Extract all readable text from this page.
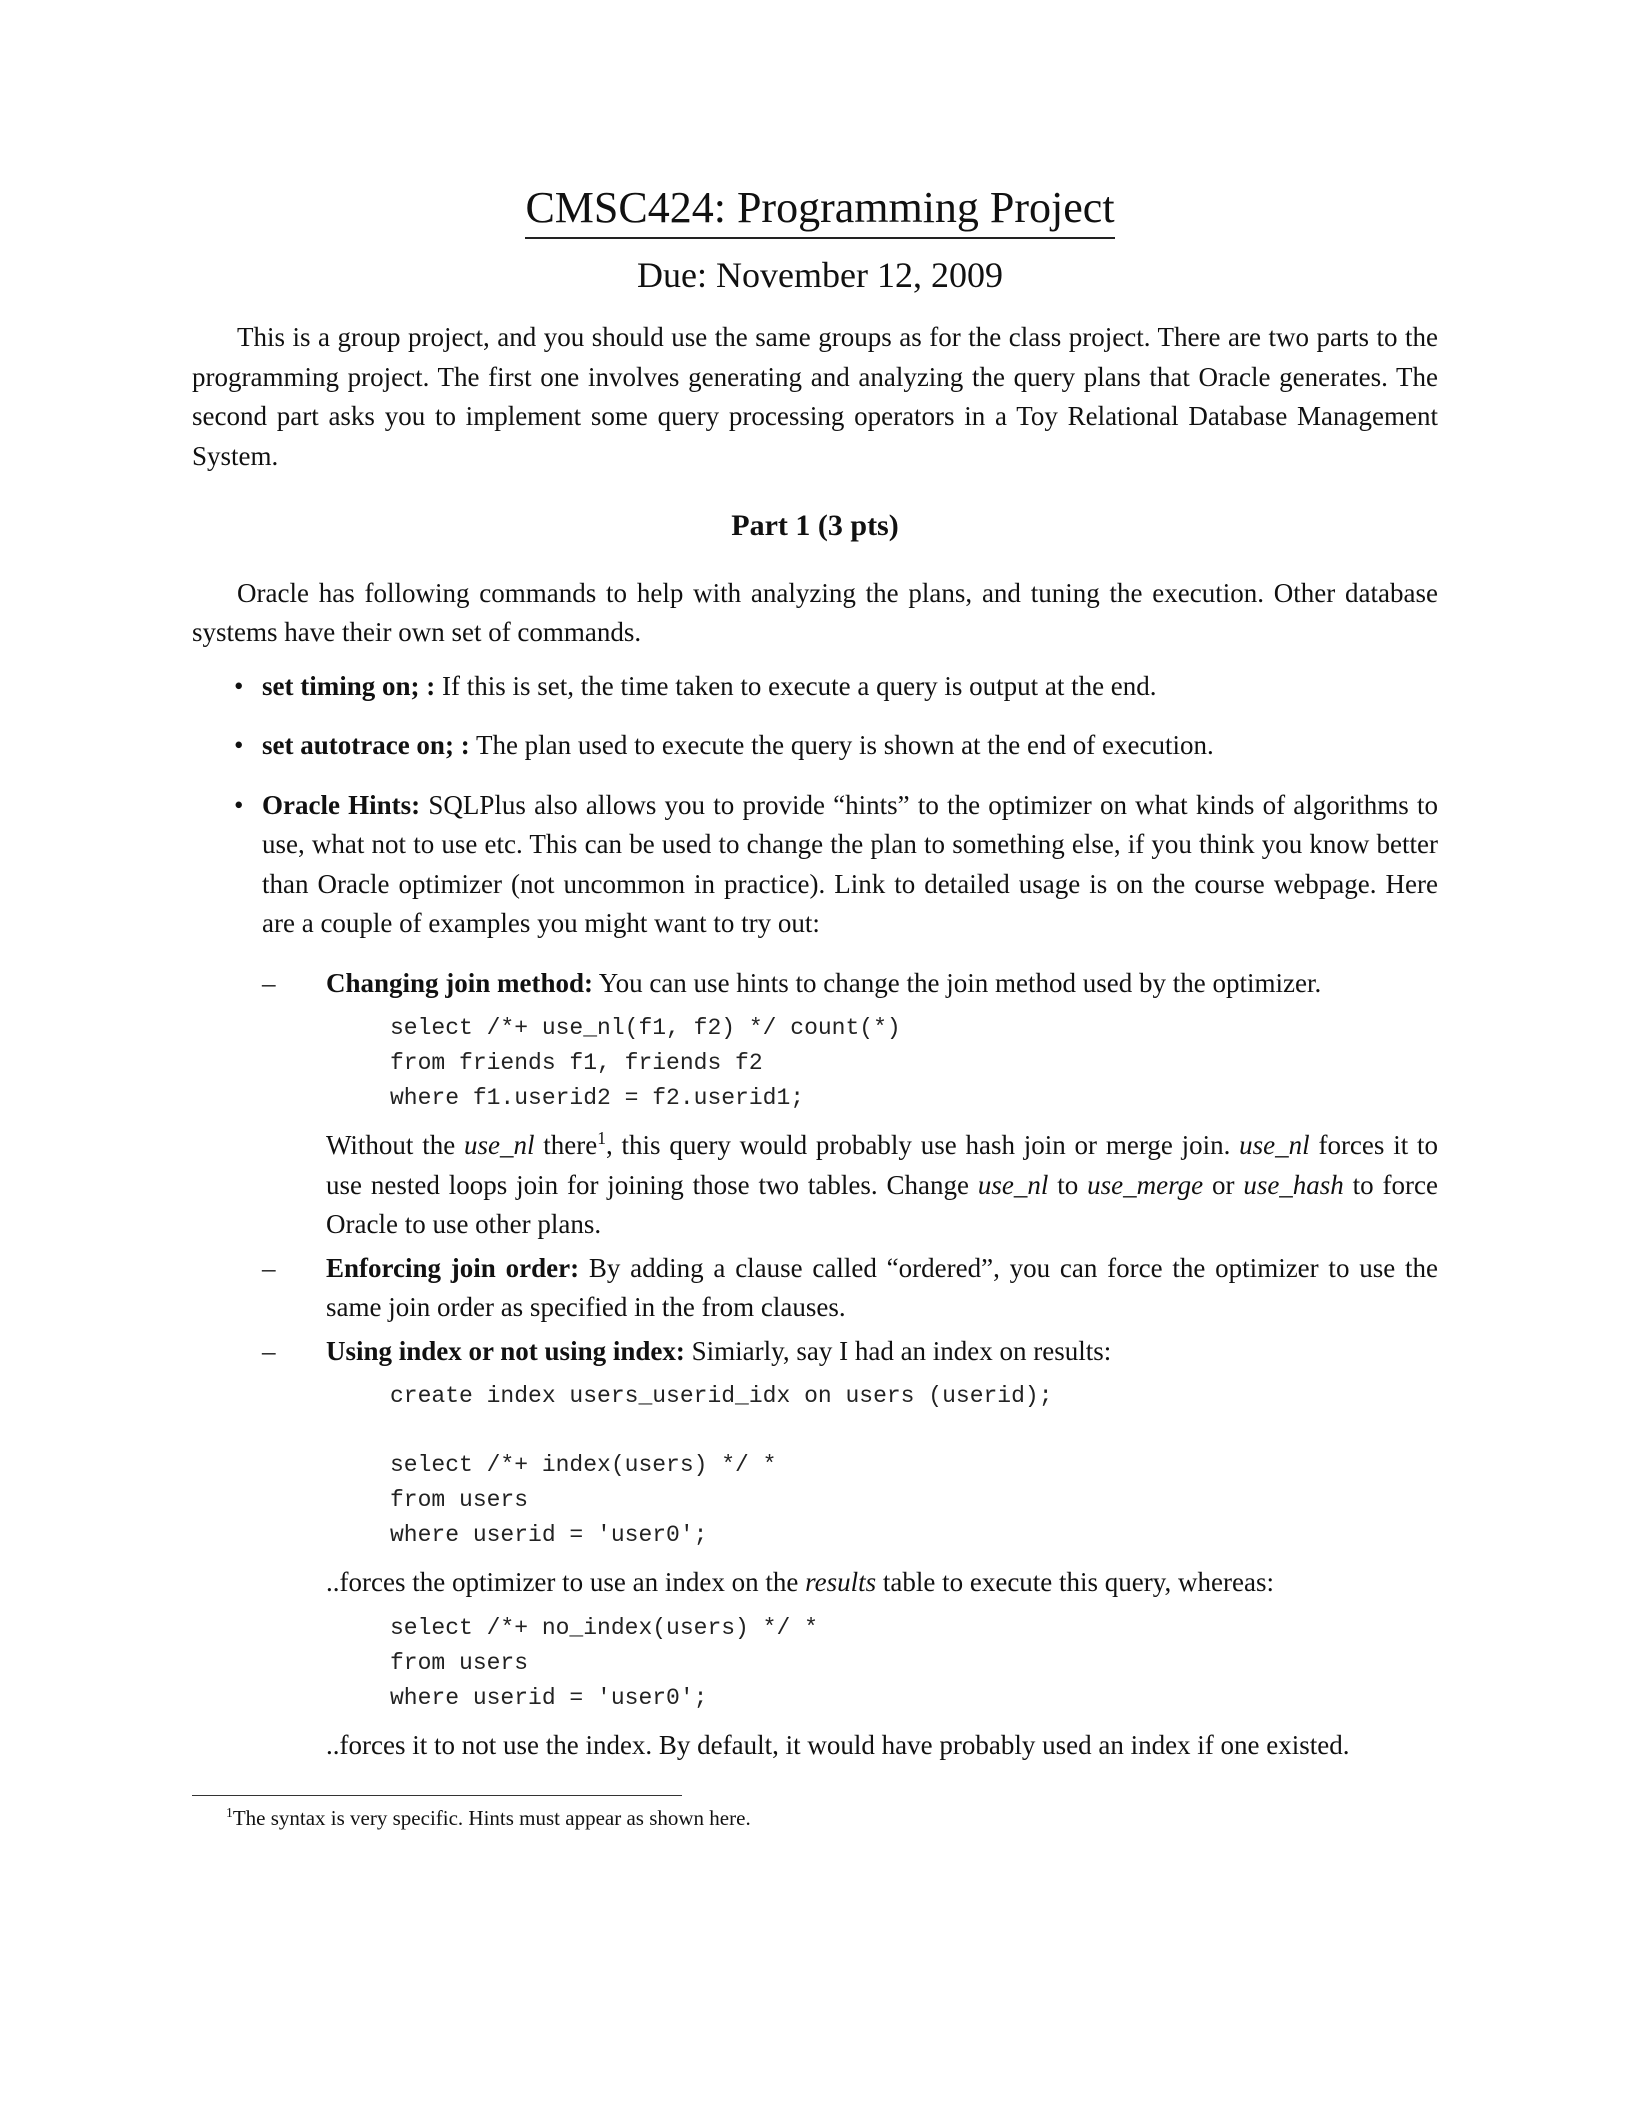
CMSC424: Programming Project
Due: November 12, 2009

This is a group project, and you should use the same groups as for the class project. There are two parts to the programming project. The first one involves generating and analyzing the query plans that Oracle generates. The second part asks you to implement some query processing operators in a Toy Relational Database Management System.

Part 1 (3 pts)

Oracle has following commands to help with analyzing the plans, and tuning the execution. Other database systems have their own set of commands.

• set timing on; : If this is set, the time taken to execute a query is output at the end.
• set autotrace on; : The plan used to execute the query is shown at the end of execution.
• Oracle Hints: SQLPlus also allows you to provide “hints” to the optimizer on what kinds of algorithms to use, what not to use etc. This can be used to change the plan to something else, if you think you know better than Oracle optimizer (not uncommon in practice). Link to detailed usage is on the course webpage. Here are a couple of examples you might want to try out:
– Changing join method: You can use hints to change the join method used by the optimizer.
select /*+ use_nl(f1, f2) */ count(*)
from friends f1, friends f2
where f1.userid2 = f2.userid1;

Without the use_nl there$^1$, this query would probably use hash join or merge join. use_nl forces it to use nested loops join for joining those two tables. Change use_nl to use_merge or use_hash to force Oracle to use other plans.

– Enforcing join order: By adding a clause called “ordered”, you can force the optimizer to use the same join order as specified in the from clauses.
– Using index or not using index: Simiarly, say I had an index on results:
create index users_userid_idx on users (userid);
select /*+ index(users) */ *
from users
where userid = 'user0';

..forces the optimizer to use an index on the results table to execute this query, whereas:

select /*+ no_index(users) */ *
from users
where userid = 'user0';

..forces it to not use the index. By default, it would have probably used an index if one existed.

$^1$The syntax is very specific. Hints must appear as shown here.
